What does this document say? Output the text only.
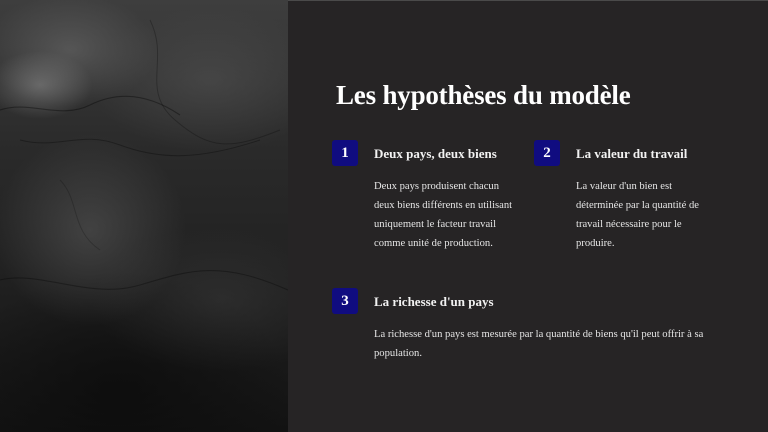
Les hypothèses du modèle
1	Deux pays, deux biens

Deux pays produisent chacun deux biens différents en utilisant uniquement le facteur travail comme unité de production.

2	La valeur du travail

La valeur d'un bien est déterminée par la quantité de travail nécessaire pour le produire.

3	La richesse d'un pays

La richesse d'un pays est mesurée par la quantité de biens qu'il peut offrir à sa population.
